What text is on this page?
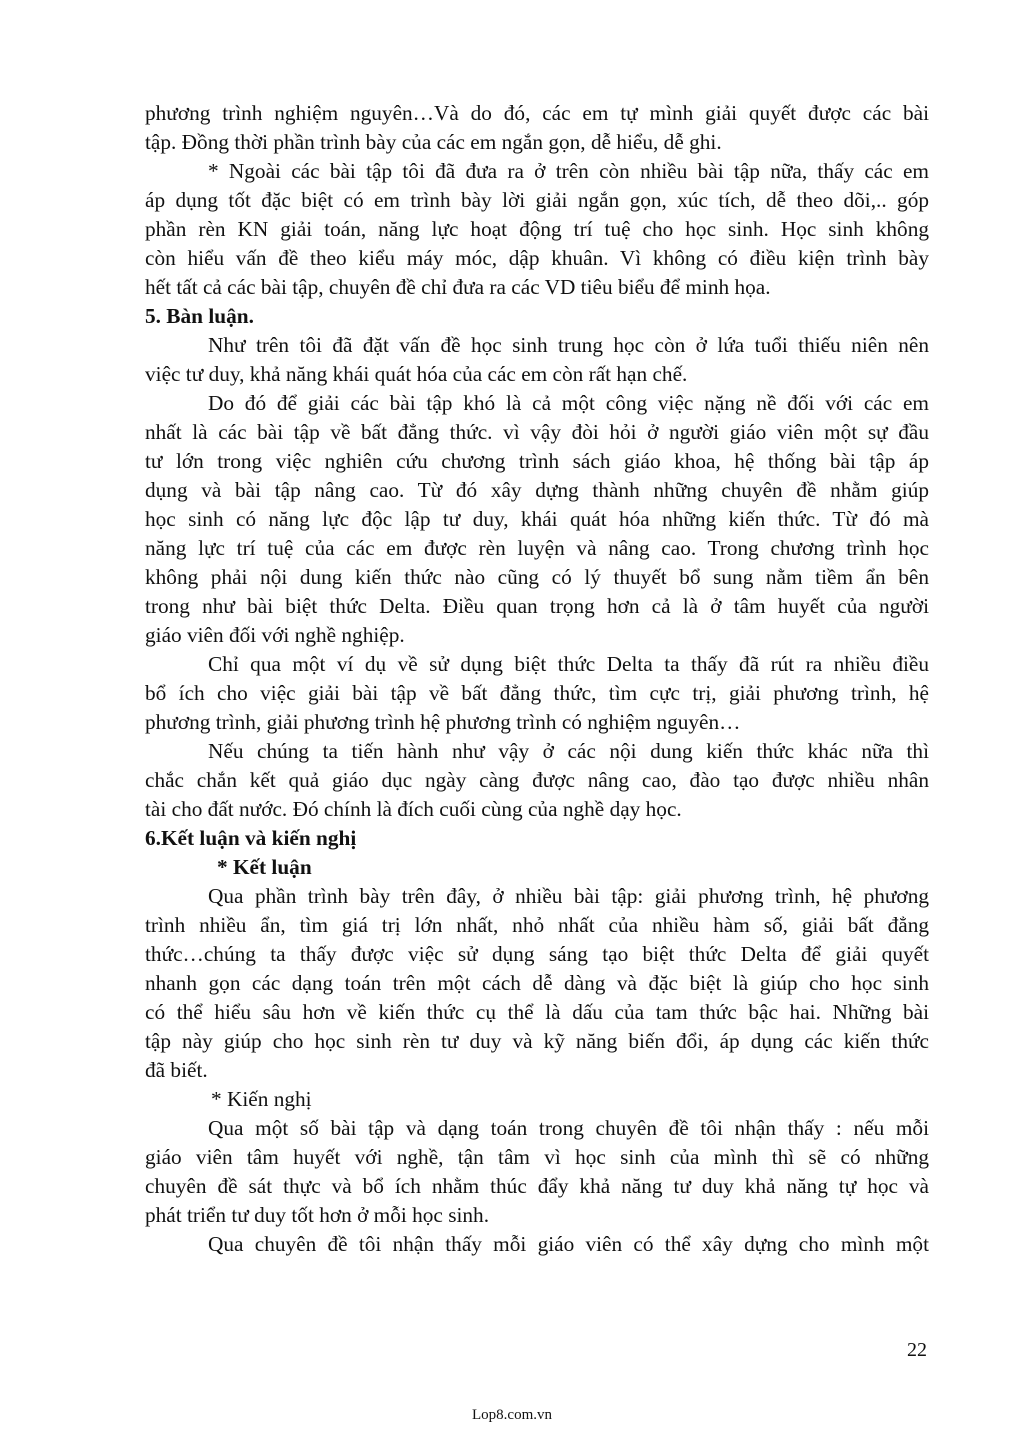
phương trình nghiệm nguyên…Và do đó, các em tự mình giải quyết được các bài
tập. Đồng thời phần trình bày của các em ngắn gọn, dễ hiểu, dễ ghi.
* Ngoài các bài tập tôi đã đưa ra ở trên còn nhiều bài tập nữa, thấy các em
áp dụng tốt đặc biệt có em trình bày lời giải ngắn gọn, xúc tích, dễ theo dõi,.. góp
phần rèn KN giải toán, năng lực hoạt động trí tuệ cho học sinh. Học sinh không
còn hiểu vấn đề theo kiểu máy móc, dập khuân. Vì không có điều kiện trình bày
hết tất cả các bài tập, chuyên đề chỉ đưa ra các VD tiêu biểu để minh họa.
5. Bàn luận.
Như trên tôi đã đặt vấn đề học sinh trung học còn ở lứa tuổi thiếu niên nên
việc tư duy, khả năng khái quát hóa của các em còn rất hạn chế.
Do đó để giải các bài tập khó là cả một công việc nặng nề đối với các em
nhất là các bài tập về bất đẳng thức. vì vậy đòi hỏi ở người giáo viên một sự đầu
tư lớn trong việc nghiên cứu chương trình sách giáo khoa, hệ thống bài tập áp
dụng và bài tập nâng cao. Từ đó xây dựng thành những chuyên đề nhằm giúp
học sinh có năng lực độc lập tư duy, khái quát hóa những kiến thức. Từ đó mà
năng lực trí tuệ của các em được rèn luyện và nâng cao. Trong chương trình học
không phải nội dung kiến thức nào cũng có lý thuyết bổ sung nằm tiềm ẩn bên
trong như bài biệt thức Delta. Điều quan trọng hơn cả là ở tâm huyết của người
giáo viên đối với nghề nghiệp.
Chỉ qua một ví dụ về sử dụng biệt thức Delta ta thấy đã rút ra nhiều điều
bổ ích cho việc giải bài tập về bất đẳng thức, tìm cực trị, giải phương trình, hệ
phương trình, giải phương trình hệ phương trình có nghiệm nguyên…
Nếu chúng ta tiến hành như vậy ở các nội dung kiến thức khác nữa thì
chắc chắn kết quả giáo dục ngày càng được nâng cao, đào tạo được nhiều nhân
tài cho đất nước. Đó chính là đích cuối cùng của nghề dạy học.
6.Kết luận và kiến nghị
* Kết luận
Qua phần trình bày trên đây, ở nhiều bài tập: giải phương trình, hệ phương
trình nhiều ẩn, tìm giá trị lớn nhất, nhỏ nhất của nhiều hàm số, giải bất đẳng
thức…chúng ta thấy được việc sử dụng sáng tạo biệt thức Delta để giải quyết
nhanh gọn các dạng toán trên một cách dễ dàng và đặc biệt là giúp cho học sinh
có thể hiểu sâu hơn về kiến thức cụ thể là dấu của tam thức bậc hai. Những bài
tập này giúp cho học sinh rèn tư duy và kỹ năng biến đổi, áp dụng các kiến thức
đã biết.
* Kiến nghị
Qua một số bài tập và dạng toán trong chuyên đề tôi nhận thấy : nếu mỗi
giáo viên tâm huyết với nghề, tận tâm vì học sinh của mình thì sẽ có những
chuyên đề sát thực và bổ ích nhằm thúc đẩy khả năng tư duy khả năng tự học và
phát triển tư duy tốt hơn ở mỗi học sinh.
Qua chuyên đề tôi nhận thấy mỗi giáo viên có thể xây dựng cho mình một
22
Lop8.com.vn
